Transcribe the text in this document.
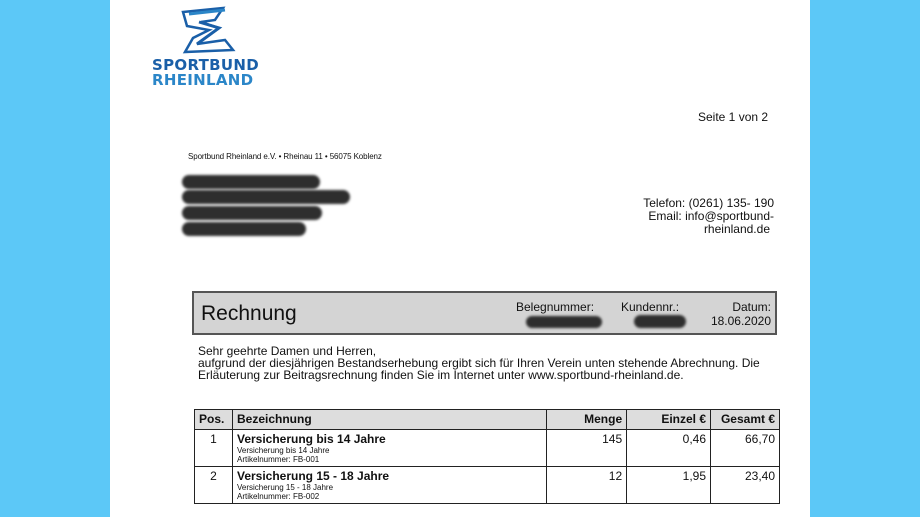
SPORTBUND
RHEINLAND
Seite 1 von 2
Sportbund Rheinland e.V. • Rheinau 11 • 56075 Koblenz
Telefon: (0261) 135- 190
Email: info@sportbund-
rheinland.de
Rechnung	Belegnummer: Kundennr.:	Datum:
18.06.2020
Sehr geehrte Damen und Herren,
aufgrund der diesjährigen Bestandserhebung ergibt sich für Ihren Verein unten stehende Abrechnung. Die Erläuterung zur Beitragsrechnung finden Sie im Internet unter www.sportbund-rheinland.de.
Pos.	Bezeichnung	Menge	Einzel €	Gesamt €
1	Versicherung bis 14 Jahre
Versicherung bis 14 Jahre
Artikelnummer: FB-001	145	0,46	66,70
2	Versicherung 15 - 18 Jahre
Versicherung 15 - 18 Jahre
Artikelnummer: FB-002	12	1,95	23,40
